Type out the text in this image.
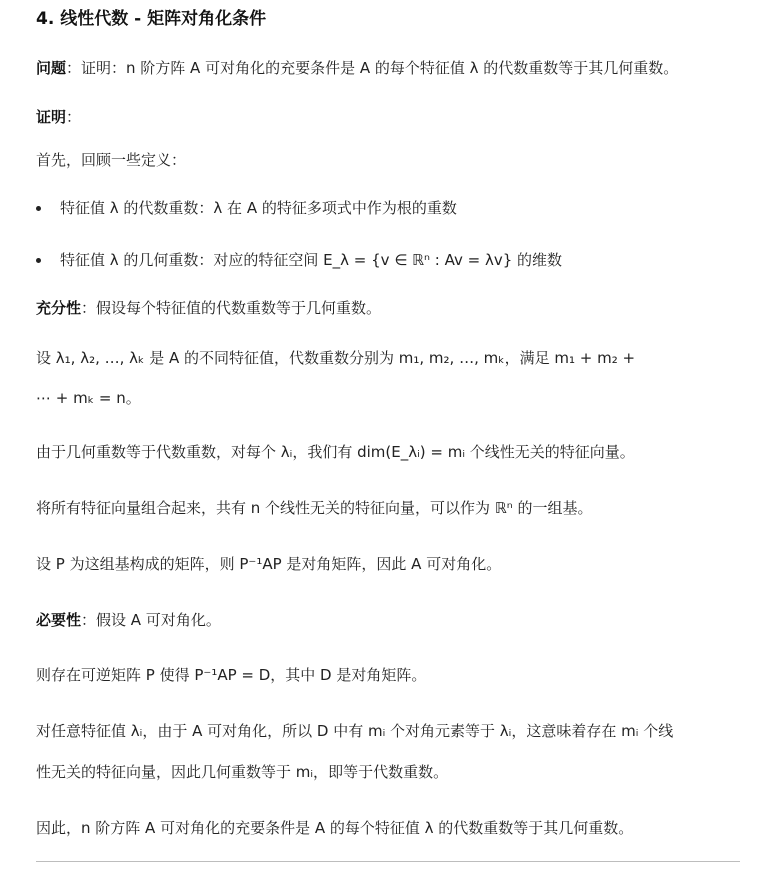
4. 线性代数 - 矩阵对角化条件
问题：证明：n 阶方阵 A 可对角化的充要条件是 A 的每个特征值 λ 的代数重数等于其几何重数。
证明：
首先，回顾一些定义：
特征值 λ 的代数重数：λ 在 A 的特征多项式中作为根的重数
特征值 λ 的几何重数：对应的特征空间 E_λ = {v ∈ ℝⁿ : Av = λv} 的维数
充分性：假设每个特征值的代数重数等于几何重数。
设 λ₁, λ₂, …, λₖ 是 A 的不同特征值，代数重数分别为 m₁, m₂, …, mₖ，满足 m₁ + m₂ +
⋯ + mₖ = n。
由于几何重数等于代数重数，对每个 λᵢ，我们有 dim(E_λᵢ) = mᵢ 个线性无关的特征向量。
将所有特征向量组合起来，共有 n 个线性无关的特征向量，可以作为 ℝⁿ 的一组基。
设 P 为这组基构成的矩阵，则 P⁻¹AP 是对角矩阵，因此 A 可对角化。
必要性：假设 A 可对角化。
则存在可逆矩阵 P 使得 P⁻¹AP = D，其中 D 是对角矩阵。
对任意特征值 λᵢ，由于 A 可对角化，所以 D 中有 mᵢ 个对角元素等于 λᵢ，这意味着存在 mᵢ 个线
性无关的特征向量，因此几何重数等于 mᵢ，即等于代数重数。
因此，n 阶方阵 A 可对角化的充要条件是 A 的每个特征值 λ 的代数重数等于其几何重数。
